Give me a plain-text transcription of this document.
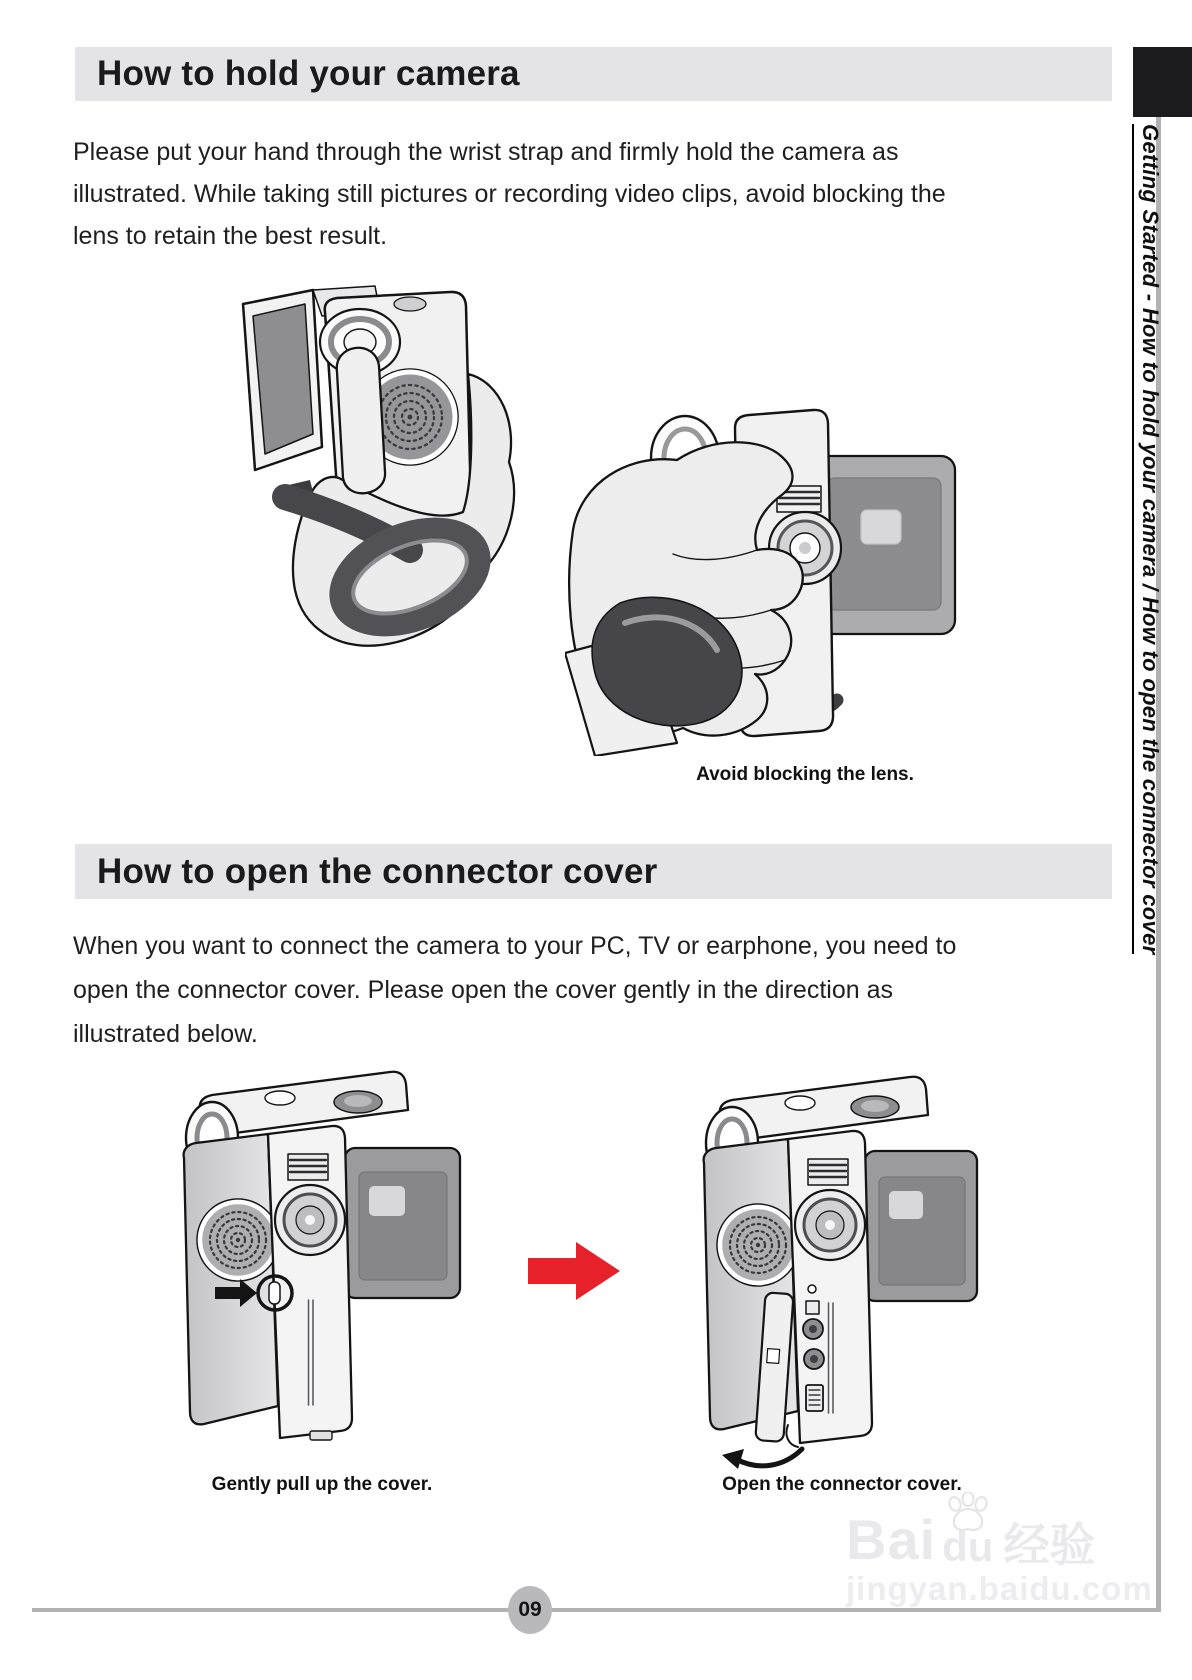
How to hold your camera
Please put your hand through the wrist strap and firmly hold the camera as
illustrated. While taking still pictures or recording video clips, avoid blocking the
lens to retain the best result.
Avoid blocking the lens.
How to open the connector cover
When you want to connect the camera to your PC, TV or earphone, you need to
open the connector cover. Please open the cover gently in the direction as
illustrated below.
Gently pull up the cover.	Open the connector cover.
Getting Started - How to hold your camera / How to open the connector cover
09
Bai du 经验
jingyan.baidu.com
